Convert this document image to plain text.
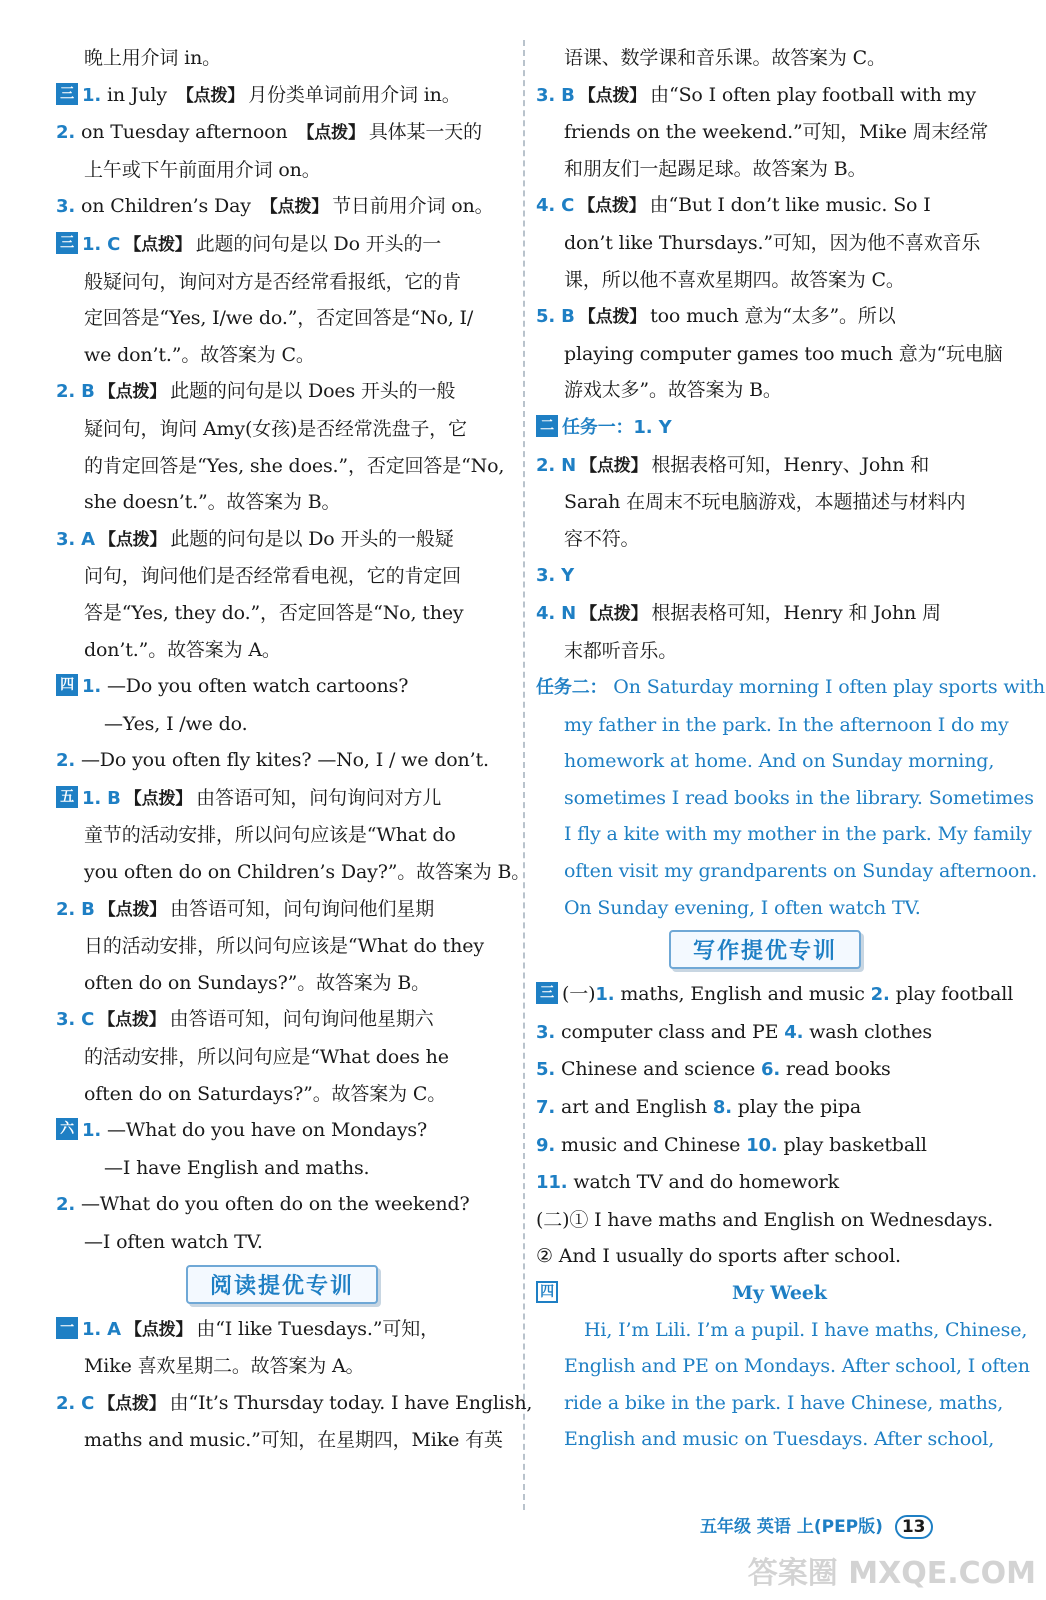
晚上用介词 in。
三 1. in July 【点拨】 月份类单词前用介词 in。
2. on Tuesday afternoon 【点拨】 具体某一天的
上午或下午前面用介词 on。
3. on Children’s Day 【点拨】 节日前用介词 on。
三 1. C 【点拨】 此题的问句是以 Do 开头的一
般疑问句，询问对方是否经常看报纸，它的肯
定回答是“Yes, I/we do.”，否定回答是“No, I/
we don’t.”。故答案为 C。
2. B 【点拨】 此题的问句是以 Does 开头的一般
疑问句，询问 Amy(女孩)是否经常洗盘子，它
的肯定回答是“Yes, she does.”，否定回答是“No,
she doesn’t.”。故答案为 B。
3. A 【点拨】 此题的问句是以 Do 开头的一般疑
问句，询问他们是否经常看电视，它的肯定回
答是“Yes, they do.”，否定回答是“No, they
don’t.”。故答案为 A。
四 1. —Do you often watch cartoons?
—Yes, I /we do.
2. —Do you often fly kites? —No, I / we don’t.
五 1. B 【点拨】 由答语可知，问句询问对方儿
童节的活动安排，所以问句应该是“What do
you often do on Children’s Day?”。故答案为 B。
2. B 【点拨】 由答语可知，问句询问他们星期
日的活动安排，所以问句应该是“What do they
often do on Sundays?”。故答案为 B。
3. C 【点拨】 由答语可知，问句询问他星期六
的活动安排，所以问句应是“What does he
often do on Saturdays?”。故答案为 C。
六 1. —What do you have on Mondays?
—I have English and maths.
2. —What do you often do on the weekend?
—I often watch TV.
阅读提优专训
一 1. A 【点拨】 由“I like Tuesdays.”可知，
Mike 喜欢星期二。故答案为 A。
2. C 【点拨】 由“It’s Thursday today. I have English,
maths and music.”可知，在星期四，Mike 有英
语课、数学课和音乐课。故答案为 C。
3. B 【点拨】 由“So I often play football with my
friends on the weekend.”可知，Mike 周末经常
和朋友们一起踢足球。故答案为 B。
4. C 【点拨】 由“But I don’t like music. So I
don’t like Thursdays.”可知，因为他不喜欢音乐
课，所以他不喜欢星期四。故答案为 C。
5. B 【点拨】 too much 意为“太多”。所以
playing computer games too much 意为“玩电脑
游戏太多”。故答案为 B。
二 任务一：1. Y
2. N 【点拨】 根据表格可知，Henry、John 和
Sarah 在周末不玩电脑游戏，本题描述与材料内
容不符。
3. Y
4. N 【点拨】 根据表格可知，Henry 和 John 周
末都听音乐。
任务二： On Saturday morning I often play sports with
my father in the park. In the afternoon I do my
homework at home. And on Sunday morning,
sometimes I read books in the library. Sometimes
I fly a kite with my mother in the park. My family
often visit my grandparents on Sunday afternoon.
On Sunday evening, I often watch TV.
写作提优专训
三 (一)1. maths, English and music 2. play football
3. computer class and PE 4. wash clothes
5. Chinese and science 6. read books
7. art and English 8. play the pipa
9. music and Chinese 10. play basketball
11. watch TV and do homework
(二)① I have maths and English on Wednesdays.
② And I usually do sports after school.
四	My Week
Hi, I’m Lili. I’m a pupil. I have maths, Chinese,
English and PE on Mondays. After school, I often
ride a bike in the park. I have Chinese, maths,
English and music on Tuesdays. After school,
五年级 英语 上(PEP版) 13
答案圈 MXQE.COM
